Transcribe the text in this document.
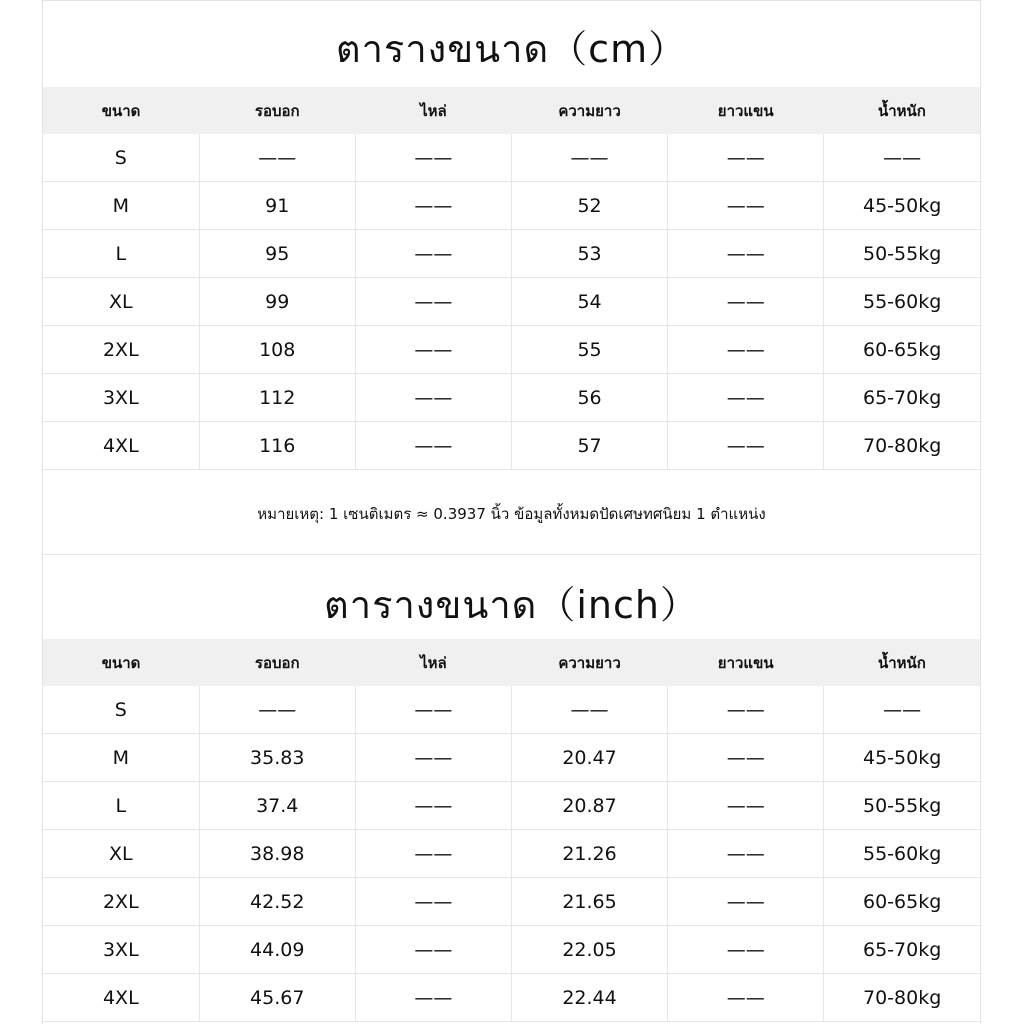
ตารางขนาด（cm）
ขนาด	รอบอก	ไหล่	ความยาว	ยาวแขน	น้ำหนัก
S	——	——	——	——	——
M	91	——	52	——	45-50kg
L	95	——	53	——	50-55kg
XL	99	——	54	——	55-60kg
2XL	108	——	55	——	60-65kg
3XL	112	——	56	——	65-70kg
4XL	116	——	57	——	70-80kg
หมายเหตุ: 1 เซนติเมตร ≈ 0.3937 นิ้ว ข้อมูลทั้งหมดปัดเศษทศนิยม 1 ตำแหน่ง
ตารางขนาด（inch）
ขนาด	รอบอก	ไหล่	ความยาว	ยาวแขน	น้ำหนัก
S	——	——	——	——	——
M	35.83	——	20.47	——	45-50kg
L	37.4	——	20.87	——	50-55kg
XL	38.98	——	21.26	——	55-60kg
2XL	42.52	——	21.65	——	60-65kg
3XL	44.09	——	22.05	——	65-70kg
4XL	45.67	——	22.44	——	70-80kg
